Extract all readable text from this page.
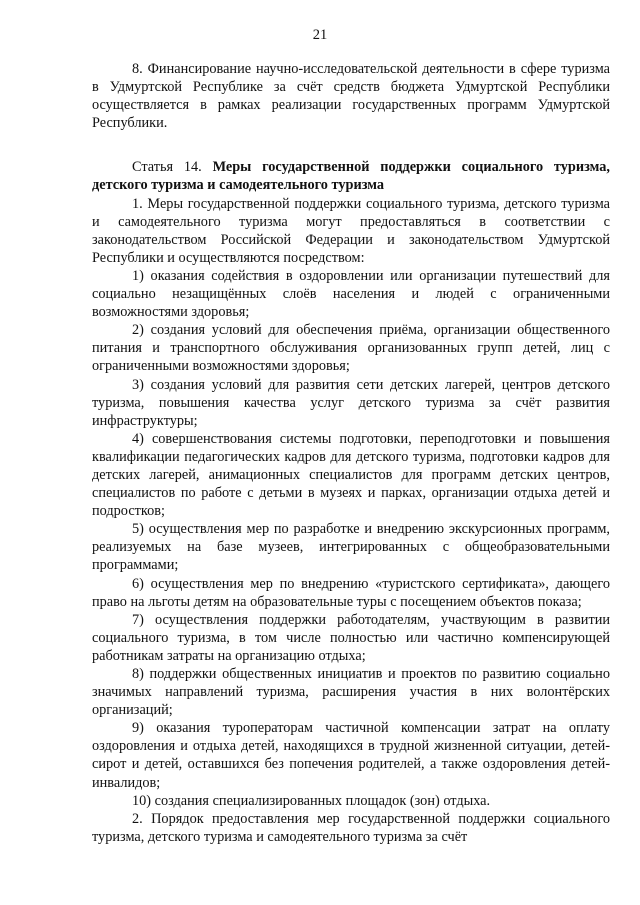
21

8. Финансирование научно-исследовательской деятельности в сфере туризма в Удмуртской Республике за счёт средств бюджета Удмуртской Республики осуществляется в рамках реализации государственных программ Удмуртской Республики.

Статья 14. Меры государственной поддержки социального туризма, детского туризма и самодеятельного туризма

1. Меры государственной поддержки социального туризма, детского туризма и самодеятельного туризма могут предоставляться в соответствии с законодательством Российской Федерации и законодательством Удмуртской Республики и осуществляются посредством:

1) оказания содействия в оздоровлении или организации путешествий для социально незащищённых слоёв населения и людей с ограниченными возможностями здоровья;

2) создания условий для обеспечения приёма, организации общественного питания и транспортного обслуживания организованных групп детей, лиц с ограниченными возможностями здоровья;

3) создания условий для развития сети детских лагерей, центров детского туризма, повышения качества услуг детского туризма за счёт развития инфраструктуры;

4) совершенствования системы подготовки, переподготовки и повышения квалификации педагогических кадров для детского туризма, подготовки кадров для детских лагерей, анимационных специалистов для программ детских центров, специалистов по работе с детьми в музеях и парках, организации отдыха детей и подростков;

5) осуществления мер по разработке и внедрению экскурсионных программ, реализуемых на базе музеев, интегрированных с общеобразовательными программами;

6) осуществления мер по внедрению «туристского сертификата», дающего право на льготы детям на образовательные туры с посещением объектов показа;

7) осуществления поддержки работодателям, участвующим в развитии социального туризма, в том числе полностью или частично компенсирующей работникам затраты на организацию отдыха;

8) поддержки общественных инициатив и проектов по развитию социально значимых направлений туризма, расширения участия в них волонтёрских организаций;

9) оказания туроператорам частичной компенсации затрат на оплату оздоровления и отдыха детей, находящихся в трудной жизненной ситуации, детей-сирот и детей, оставшихся без попечения родителей, а также оздоровления детей-инвалидов;

10) создания специализированных площадок (зон) отдыха.

2. Порядок предоставления мер государственной поддержки социального туризма, детского туризма и самодеятельного туризма за счёт
